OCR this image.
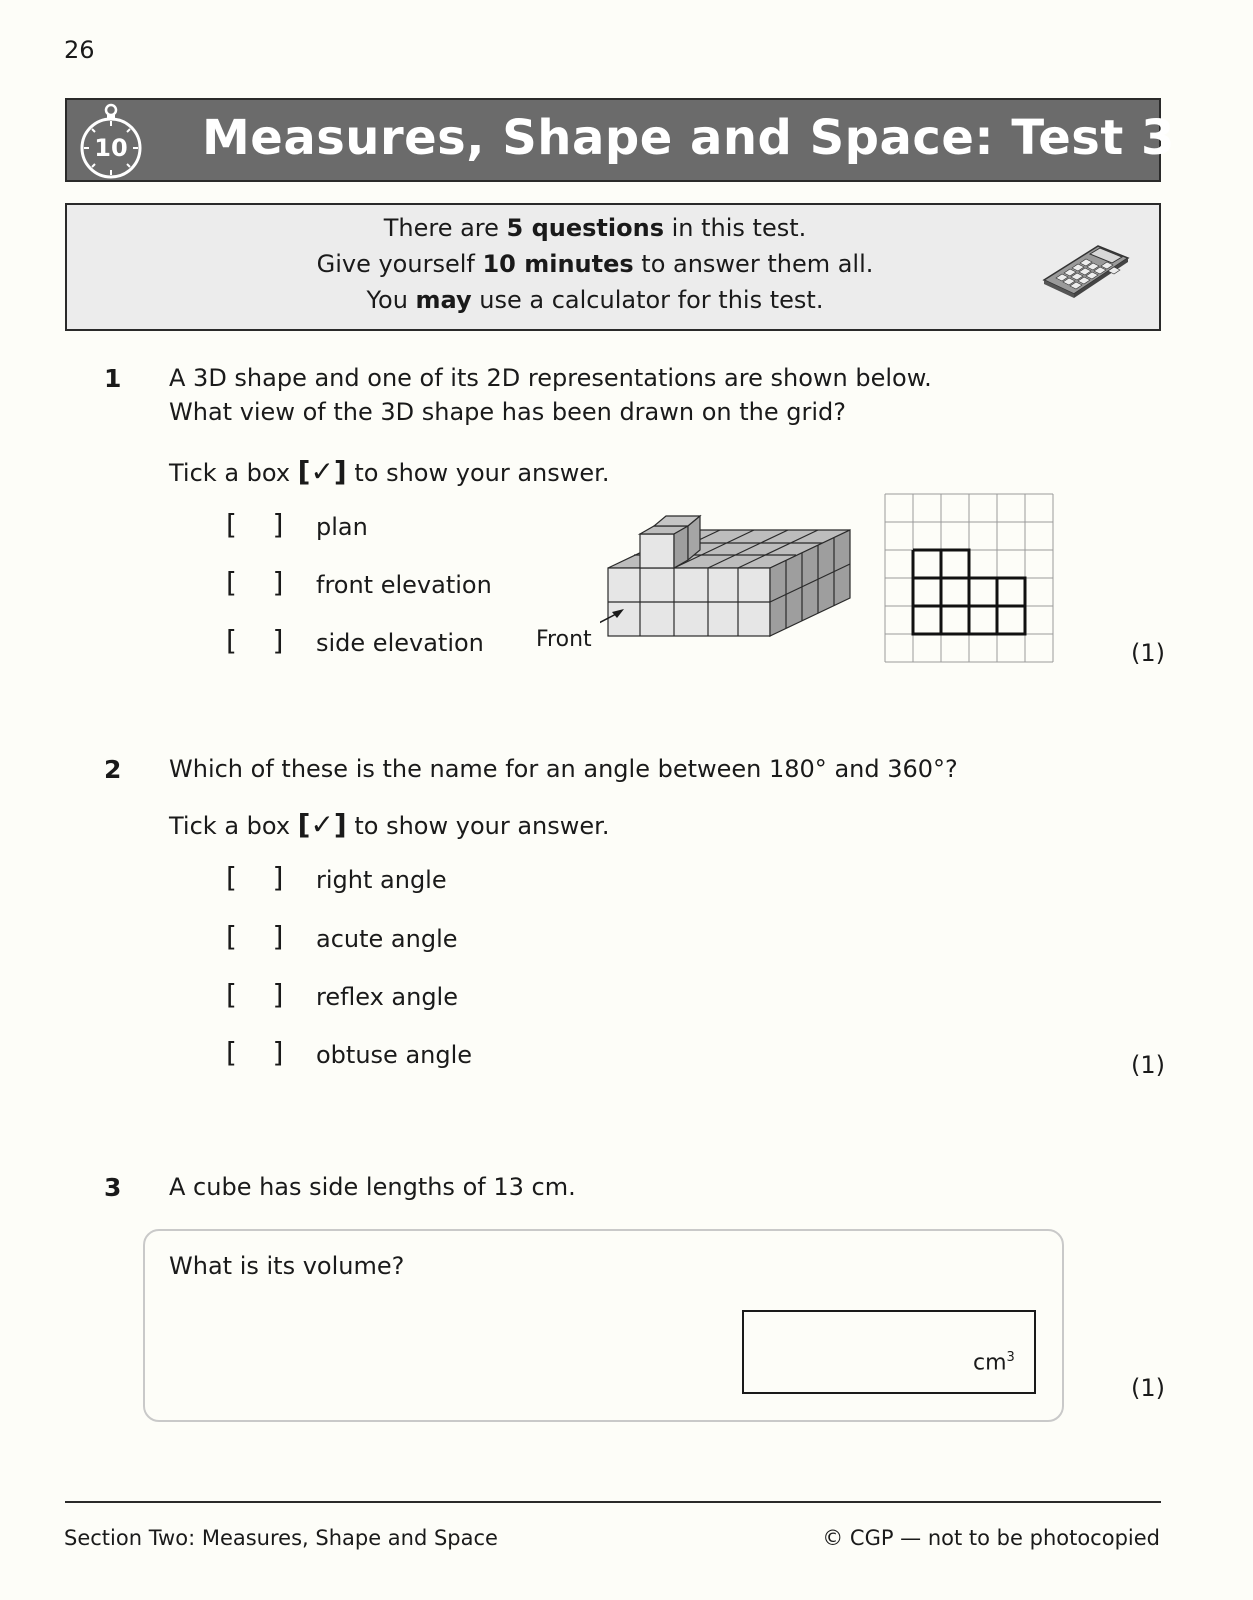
26
10 Measures, Shape and Space: Test 3
There are 5 questions in this test.
Give yourself 10 minutes to answer them all.
You may use a calculator for this test.
1 A 3D shape and one of its 2D representations are shown below.
What view of the 3D shape has been drawn on the grid?
Tick a box [✓] to show your answer.
[    ] plan
[    ] front elevation
[    ] side elevation Front	(1)
2 Which of these is the name for an angle between 180° and 360°?
Tick a box [✓] to show your answer.
[    ] right angle
[    ] acute angle
[    ] reflex angle
[    ] obtuse angle	(1)
3 A cube has side lengths of 13 cm.
What is its volume?
$cm^3$
(1)
Section Two: Measures, Shape and Space	© CGP — not to be photocopied
